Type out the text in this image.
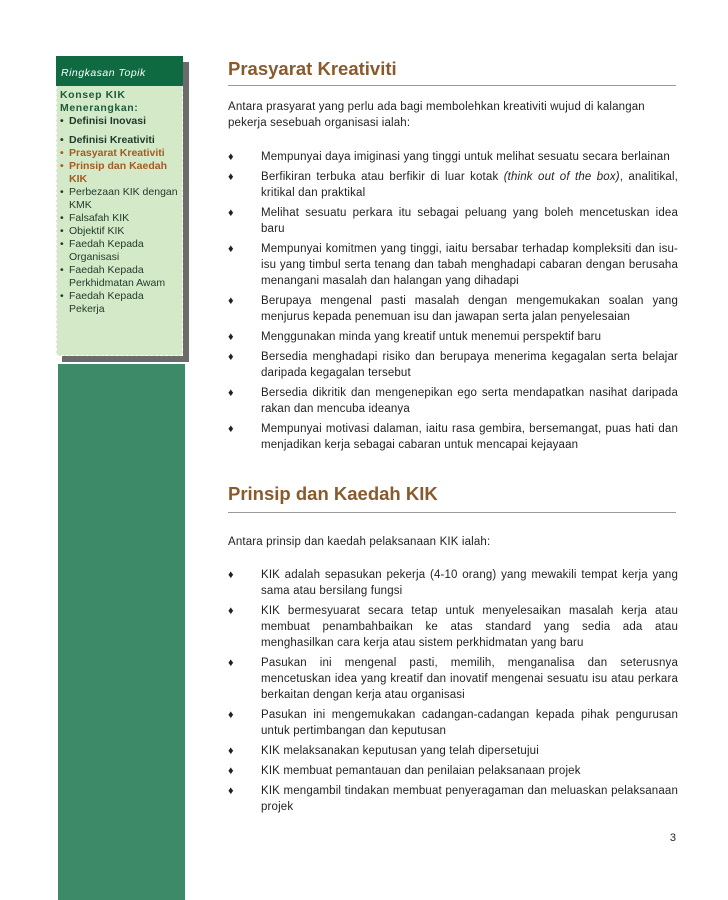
Ringkasan Topik
Konsep KIK
Menerangkan:
• Definisi Inovasi
• Definisi Kreativiti
• Prasyarat Kreativiti
• Prinsip dan Kaedah KIK
• Perbezaan KIK dengan KMK
• Falsafah KIK
• Objektif KIK
• Faedah Kepada Organisasi
• Faedah Kepada Perkhidmatan Awam
• Faedah Kepada Pekerja
Prasyarat Kreativiti

Antara prasyarat yang perlu ada bagi membolehkan kreativiti wujud di kalangan pekerja sesebuah organisasi ialah:

♦ Mempunyai daya imiginasi yang tinggi untuk melihat sesuatu secara berlainan
♦ Berfikiran terbuka atau berfikir di luar kotak (think out of the box), analitikal, kritikal dan praktikal
♦ Melihat sesuatu perkara itu sebagai peluang yang boleh mencetuskan idea baru
♦ Mempunyai komitmen yang tinggi, iaitu bersabar terhadap kompleksiti dan isu-isu yang timbul serta tenang dan tabah menghadapi cabaran dengan berusaha menangani masalah dan halangan yang dihadapi
♦ Berupaya mengenal pasti masalah dengan mengemukakan soalan yang menjurus kepada penemuan isu dan jawapan serta jalan penyelesaian
♦ Menggunakan minda yang kreatif untuk menemui perspektif baru
♦ Bersedia menghadapi risiko dan berupaya menerima kegagalan serta belajar daripada kegagalan tersebut
♦ Bersedia dikritik dan mengenepikan ego serta mendapatkan nasihat daripada rakan dan mencuba ideanya
♦ Mempunyai motivasi dalaman, iaitu rasa gembira, bersemangat, puas hati dan menjadikan kerja sebagai cabaran untuk mencapai kejayaan
Prinsip dan Kaedah KIK

Antara prinsip dan kaedah pelaksanaan KIK ialah:

♦ KIK adalah sepasukan pekerja (4-10 orang) yang mewakili tempat kerja yang sama atau bersilang fungsi
♦ KIK bermesyuarat secara tetap untuk menyelesaikan masalah kerja atau membuat penambahbaikan ke atas standard yang sedia ada atau menghasilkan cara kerja atau sistem perkhidmatan yang baru
♦ Pasukan ini mengenal pasti, memilih, menganalisa dan seterusnya mencetuskan idea yang kreatif dan inovatif mengenai sesuatu isu atau perkara berkaitan dengan kerja atau organisasi
♦ Pasukan ini mengemukakan cadangan-cadangan kepada pihak pengurusan untuk pertimbangan dan keputusan
♦ KIK melaksanakan keputusan yang telah dipersetujui
♦ KIK membuat pemantauan dan penilaian pelaksanaan projek
♦ KIK mengambil tindakan membuat penyeragaman dan meluaskan pelaksanaan projek
3
